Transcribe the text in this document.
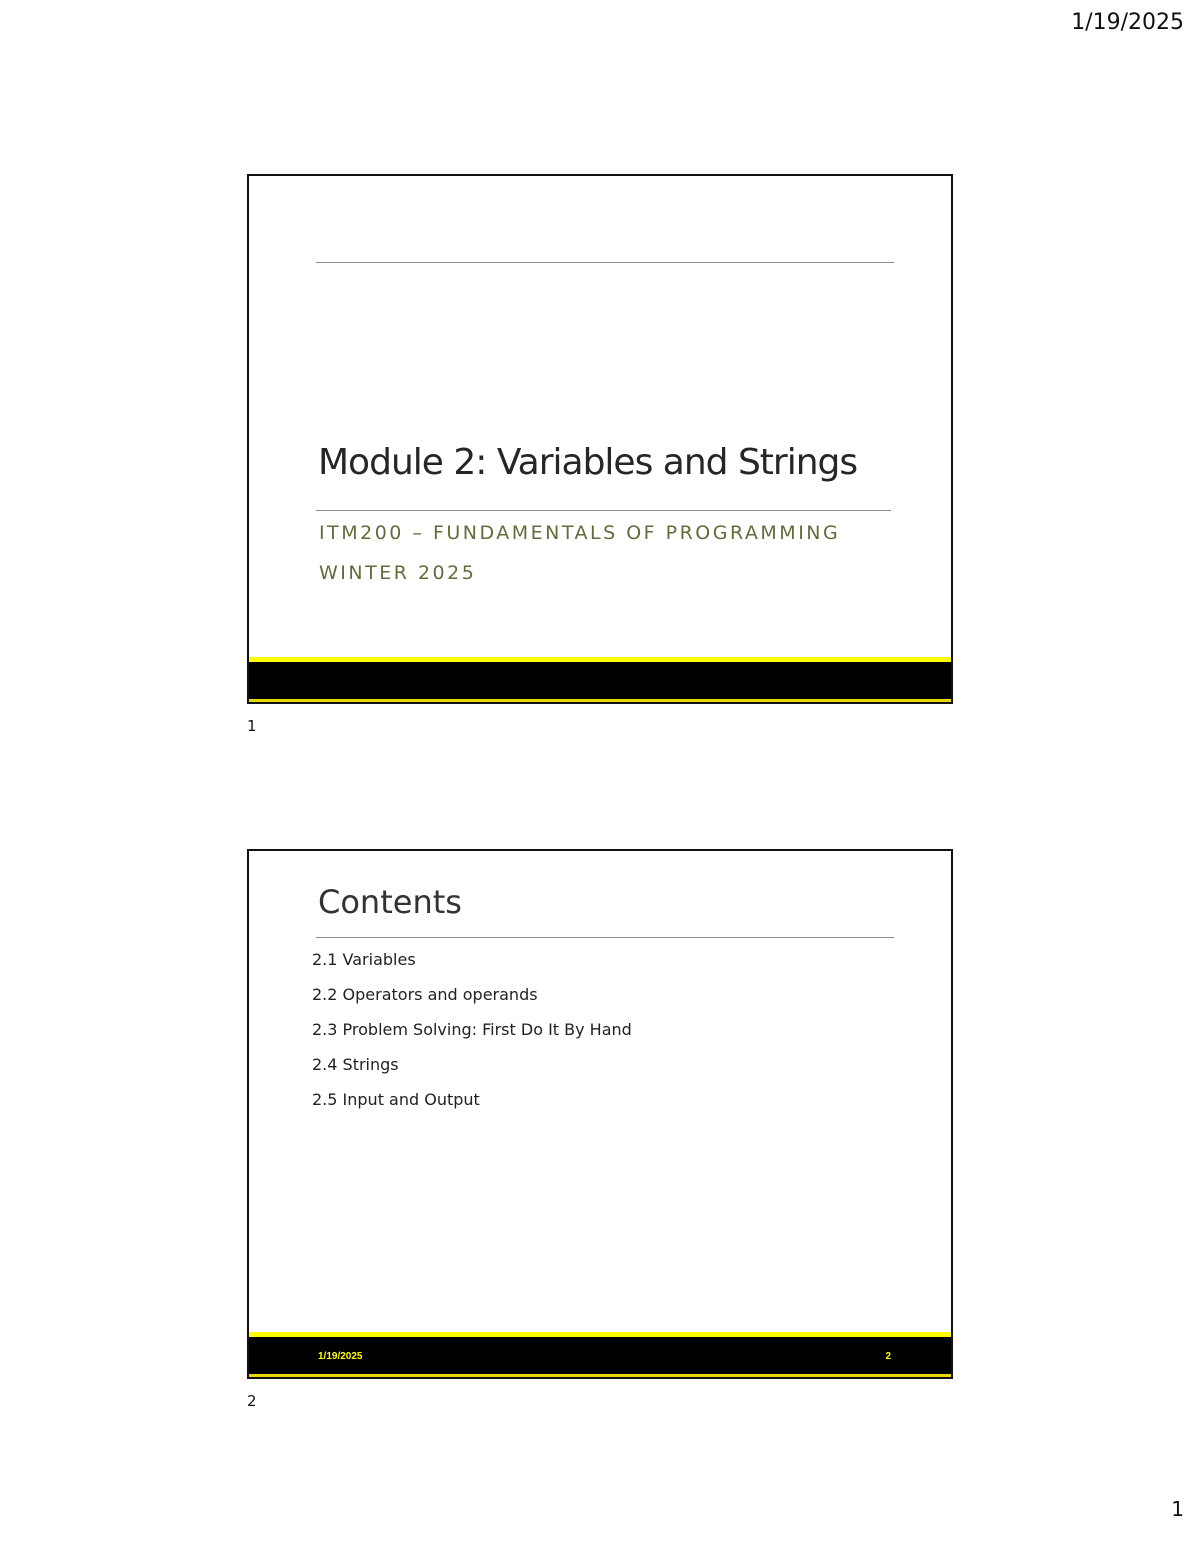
1/19/2025
Module 2: Variables and Strings
ITM200 – FUNDAMENTALS OF PROGRAMMING
WINTER 2025
1
Contents
2.1 Variables
2.2 Operators and operands
2.3 Problem Solving: First Do It By Hand
2.4 Strings
2.5 Input and Output
1/19/2025	2
2
1
